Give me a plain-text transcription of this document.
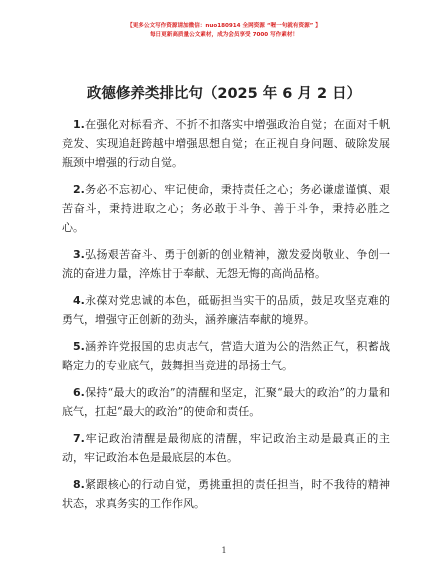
【更多公文写作资源请加微信：nuo180914 全网资源 “喔一句就有资源” 】
每日更新高质量公文素材，成为会员享受 7000 写作素材！
政德修养类排比句（2025 年 6 月 2 日）

1.在强化对标看齐、不折不扣落实中增强政治自觉；在面对千帆竞发、实现追赶跨越中增强思想自觉；在正视自身问题、破除发展瓶颈中增强的行动自觉。

2.务必不忘初心、牢记使命，秉持责任之心；务必谦虚谨慎、艰苦奋斗，秉持进取之心；务必敢于斗争、善于斗争，秉持必胜之心。

3.弘扬艰苦奋斗、勇于创新的创业精神，激发爱岗敬业、争创一流的奋进力量，淬炼甘于奉献、无怨无悔的高尚品格。

4.永葆对党忠诚的本色，砥砺担当实干的品质，鼓足攻坚克难的勇气，增强守正创新的劲头，涵养廉洁奉献的境界。

5.涵养许党报国的忠贞志气，营造大道为公的浩然正气，积蓄战略定力的专业底气，鼓舞担当竞进的昂扬士气。

6.保持“最大的政治”的清醒和坚定，汇聚“最大的政治”的力量和底气，扛起“最大的政治”的使命和责任。

7.牢记政治清醒是最彻底的清醒，牢记政治主动是最真正的主动，牢记政治本色是最底层的本色。

8.紧跟核心的行动自觉，勇挑重担的责任担当，时不我待的精神状态，求真务实的工作作风。

1
